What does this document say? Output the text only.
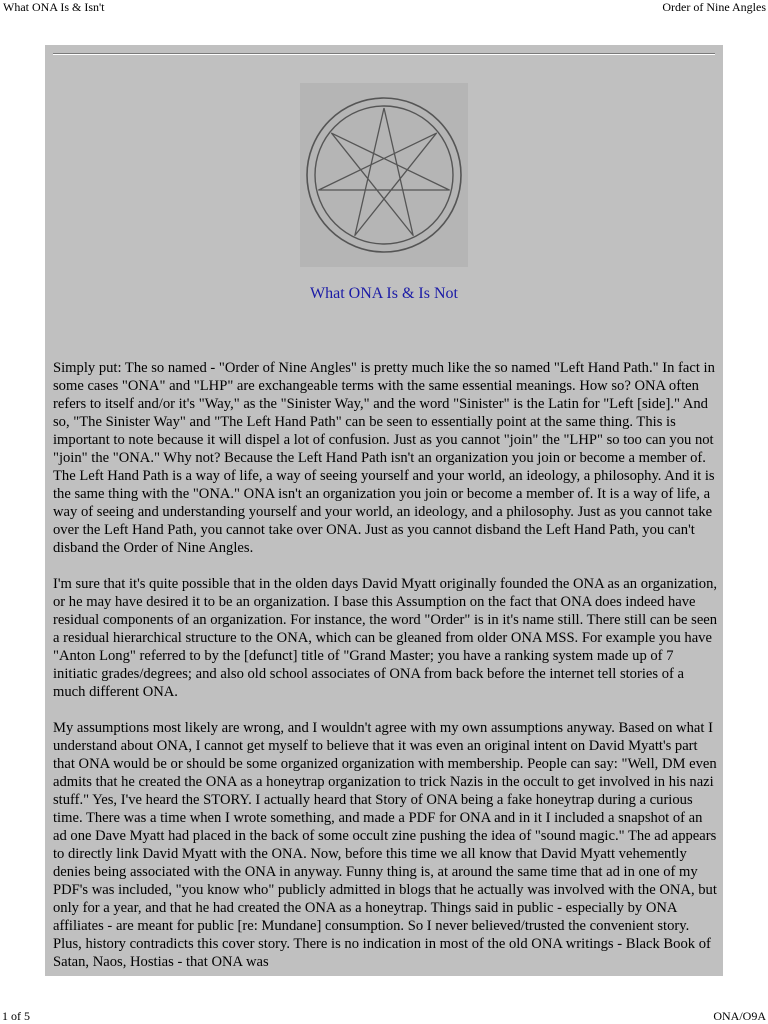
What ONA Is & Isn't	Order of Nine Angles
What ONA Is & Is Not

Simply put: The so named - "Order of Nine Angles" is pretty much like the so named "Left Hand Path." In fact in some cases "ONA" and "LHP" are exchangeable terms with the same essential meanings. How so? ONA often refers to itself and/or it's "Way," as the "Sinister Way," and the word "Sinister" is the Latin for "Left [side]." And so, "The Sinister Way" and "The Left Hand Path" can be seen to essentially point at the same thing. This is important to note because it will dispel a lot of confusion. Just as you cannot "join" the "LHP" so too can you not "join" the "ONA." Why not? Because the Left Hand Path isn't an organization you join or become a member of. The Left Hand Path is a way of life, a way of seeing yourself and your world, an ideology, a philosophy. And it is the same thing with the "ONA." ONA isn't an organization you join or become a member of. It is a way of life, a way of seeing and understanding yourself and your world, an ideology, and a philosophy. Just as you cannot take over the Left Hand Path, you cannot take over ONA. Just as you cannot disband the Left Hand Path, you can't disband the Order of Nine Angles.

I'm sure that it's quite possible that in the olden days David Myatt originally founded the ONA as an organization, or he may have desired it to be an organization. I base this Assumption on the fact that ONA does indeed have residual components of an organization. For instance, the word "Order" is in it's name still. There still can be seen a residual hierarchical structure to the ONA, which can be gleaned from older ONA MSS. For example you have "Anton Long" referred to by the [defunct] title of "Grand Master; you have a ranking system made up of 7 initiatic grades/degrees; and also old school associates of ONA from back before the internet tell stories of a much different ONA.

My assumptions most likely are wrong, and I wouldn't agree with my own assumptions anyway. Based on what I understand about ONA, I cannot get myself to believe that it was even an original intent on David Myatt's part that ONA would be or should be some organized organization with membership. People can say: "Well, DM even admits that he created the ONA as a honeytrap organization to trick Nazis in the occult to get involved in his nazi stuff." Yes, I've heard the STORY. I actually heard that Story of ONA being a fake honeytrap during a curious time. There was a time when I wrote something, and made a PDF for ONA and in it I included a snapshot of an ad one Dave Myatt had placed in the back of some occult zine pushing the idea of "sound magic." The ad appears to directly link David Myatt with the ONA. Now, before this time we all know that David Myatt vehemently denies being associated with the ONA in anyway. Funny thing is, at around the same time that ad in one of my PDF's was included, "you know who" publicly admitted in blogs that he actually was involved with the ONA, but only for a year, and that he had created the ONA as a honeytrap. Things said in public - especially by ONA affiliates - are meant for public [re: Mundane] consumption. So I never believed/trusted the convenient story. Plus, history contradicts this cover story. There is no indication in most of the old ONA writings - Black Book of Satan, Naos, Hostias - that ONA was

1 of 5	ONA/O9A
